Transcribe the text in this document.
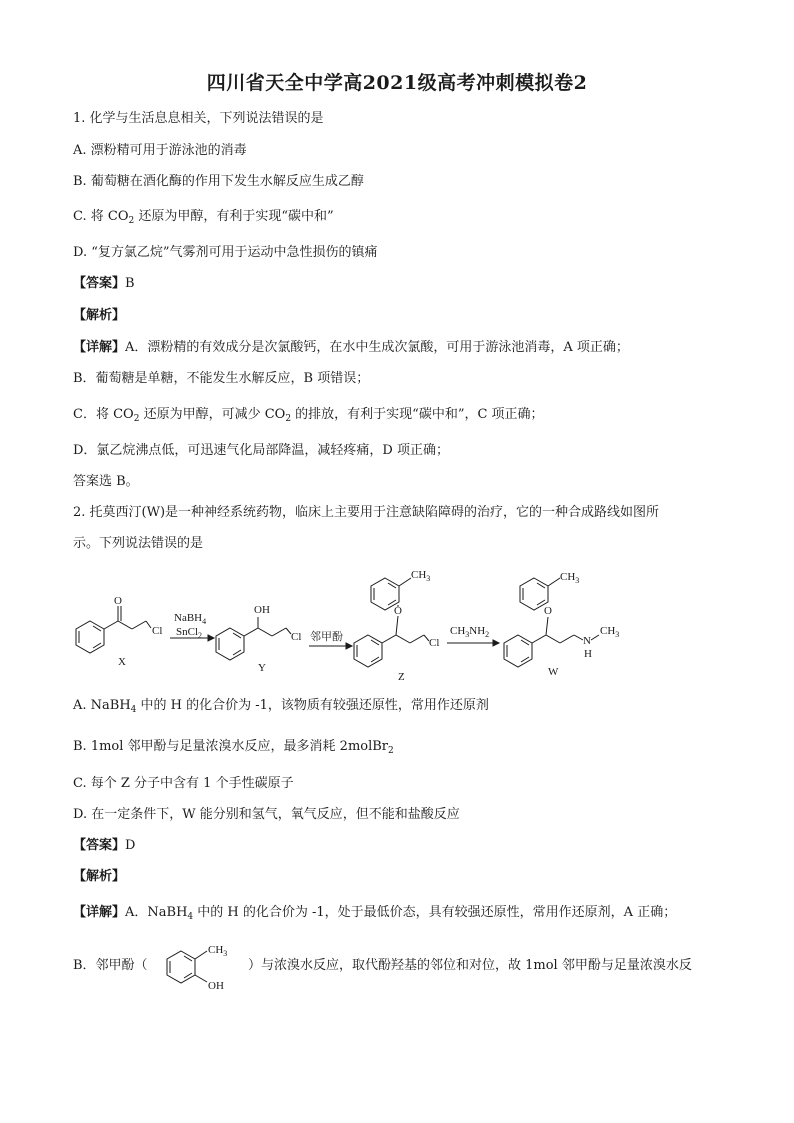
四川省天全中学高2021级高考冲刺模拟卷2
1. 化学与生活息息相关，下列说法错误的是
A. 漂粉精可用于游泳池的消毒
B. 葡萄糖在酒化酶的作用下发生水解反应生成乙醇
C. 将 $CO_2$ 还原为甲醇，有利于实现“碳中和”
D. “复方氯乙烷”气雾剂可用于运动中急性损伤的镇痛
【答案】B
【解析】
【详解】A．漂粉精的有效成分是次氯酸钙，在水中生成次氯酸，可用于游泳池消毒，A 项正确；
B．葡萄糖是单糖，不能发生水解反应，B 项错误；
C．将 $CO_2$ 还原为甲醇，可减少 $CO_2$ 的排放，有利于实现“碳中和”，C 项正确；
D．氯乙烷沸点低，可迅速气化局部降温，减轻疼痛，D 项正确；
答案选 B。
2. 托莫西汀(W)是一种神经系统药物，临床上主要用于注意缺陷障碍的治疗，它的一种合成路线如图所
示。下列说法错误的是
O
Cl
X
NaBH$_4$
SnCl$_2$
OH
Cl
Y
邻甲酚
O
$CH_3$
Cl
Z
$CH_3NH_2$
O
$CH_3$
N
H
$CH_3$
W
$CH_3$
OH
A. NaBH$_4$ 中的 H 的化合价为 -1，该物质有较强还原性，常用作还原剂
B. 1mol 邻甲酚与足量浓溴水反应，最多消耗 2molBr$_2$
C. 每个 Z 分子中含有 1 个手性碳原子
D. 在一定条件下，W 能分别和氢气，氧气反应，但不能和盐酸反应
【答案】D
【解析】
【详解】A．NaBH$_4$ 中的 H 的化合价为 -1，处于最低价态，具有较强还原性，常用作还原剂，A 正确；
B．邻甲酚（	）与浓溴水反应，取代酚羟基的邻位和对位，故 1mol 邻甲酚与足量浓溴水反
